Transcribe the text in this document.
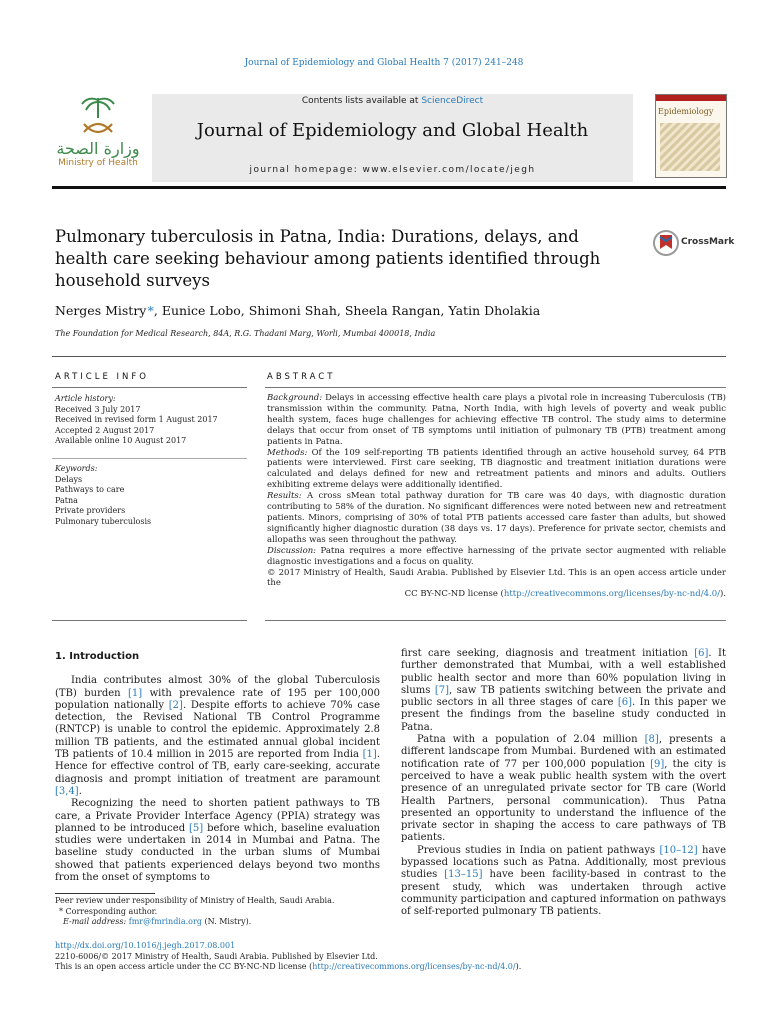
Journal of Epidemiology and Global Health 7 (2017) 241–248
وزارة الصحة
Ministry of Health
Contents lists available at ScienceDirect
Journal of Epidemiology and Global Health
journal homepage: www.elsevier.com/locate/jegh
Epidemiology
Pulmonary tuberculosis in Patna, India: Durations, delays, and health care seeking behaviour among patients identified through household surveys
CrossMark
Nerges Mistry *, Eunice Lobo, Shimoni Shah, Sheela Rangan, Yatin Dholakia
The Foundation for Medical Research, 84A, R.G. Thadani Marg, Worli, Mumbai 400018, India
ARTICLE INFO	ABSTRACT
Article history:
Received 3 July 2017
Received in revised form 1 August 2017
Accepted 2 August 2017
Available online 10 August 2017
Keywords:
Delays
Pathways to care
Patna
Private providers
Pulmonary tuberculosis

Background: Delays in accessing effective health care plays a pivotal role in increasing Tuberculosis (TB) transmission within the community. Patna, North India, with high levels of poverty and weak public health system, faces huge challenges for achieving effective TB control. The study aims to determine delays that occur from onset of TB symptoms until initiation of pulmonary TB (PTB) treatment among patients in Patna.

Methods: Of the 109 self-reporting TB patients identified through an active household survey, 64 PTB patients were interviewed. First care seeking, TB diagnostic and treatment initiation durations were calculated and delays defined for new and retreatment patients and minors and adults. Outliers exhibiting extreme delays were additionally identified.

Results: A cross sMean total pathway duration for TB care was 40 days, with diagnostic duration contributing to 58% of the duration. No significant differences were noted between new and retreatment patients. Minors, comprising of 30% of total PTB patients accessed care faster than adults, but showed significantly higher diagnostic duration (38 days vs. 17 days). Preference for private sector, chemists and allopaths was seen throughout the pathway.

Discussion: Patna requires a more effective harnessing of the private sector augmented with reliable diagnostic investigations and a focus on quality.

© 2017 Ministry of Health, Saudi Arabia. Published by Elsevier Ltd. This is an open access article under the

CC BY-NC-ND license (http://creativecommons.org/licenses/by-nc-nd/4.0/).

1. Introduction

India contributes almost 30% of the global Tuberculosis (TB) burden [1] with prevalence rate of 195 per 100,000 population nationally [2]. Despite efforts to achieve 70% case detection, the Revised National TB Control Programme (RNTCP) is unable to control the epidemic. Approximately 2.8 million TB patients, and the estimated annual global incident TB patients of 10.4 million in 2015 are reported from India [1]. Hence for effective control of TB, early care-seeking, accurate diagnosis and prompt initiation of treatment are paramount [3,4].

Recognizing the need to shorten patient pathways to TB care, a Private Provider Interface Agency (PPIA) strategy was planned to be introduced [5] before which, baseline evaluation studies were undertaken in 2014 in Mumbai and Patna. The baseline study conducted in the urban slums of Mumbai showed that patients experienced delays beyond two months from the onset of symptoms to

first care seeking, diagnosis and treatment initiation [6]. It further demonstrated that Mumbai, with a well established public health sector and more than 60% population living in slums [7], saw TB patients switching between the private and public sectors in all three stages of care [6]. In this paper we present the findings from the baseline study conducted in Patna.

Patna with a population of 2.04 million [8], presents a different landscape from Mumbai. Burdened with an estimated notification rate of 77 per 100,000 population [9], the city is perceived to have a weak public health system with the overt presence of an unregulated private sector for TB care (World Health Partners, personal communication). Thus Patna presented an opportunity to understand the influence of the private sector in shaping the access to care pathways of TB patients.

Previous studies in India on patient pathways [10–12] have bypassed locations such as Patna. Additionally, most previous studies [13–15] have been facility-based in contrast to the present study, which was undertaken through active community participation and captured information on pathways of self-reported pulmonary TB patients.

Peer review under responsibility of Ministry of Health, Saudi Arabia.
* Corresponding author.
E-mail address: fmr@fmrindia.org (N. Mistry).
http://dx.doi.org/10.1016/j.jegh.2017.08.001
2210-6006/© 2017 Ministry of Health, Saudi Arabia. Published by Elsevier Ltd.
This is an open access article under the CC BY-NC-ND license (http://creativecommons.org/licenses/by-nc-nd/4.0/).
